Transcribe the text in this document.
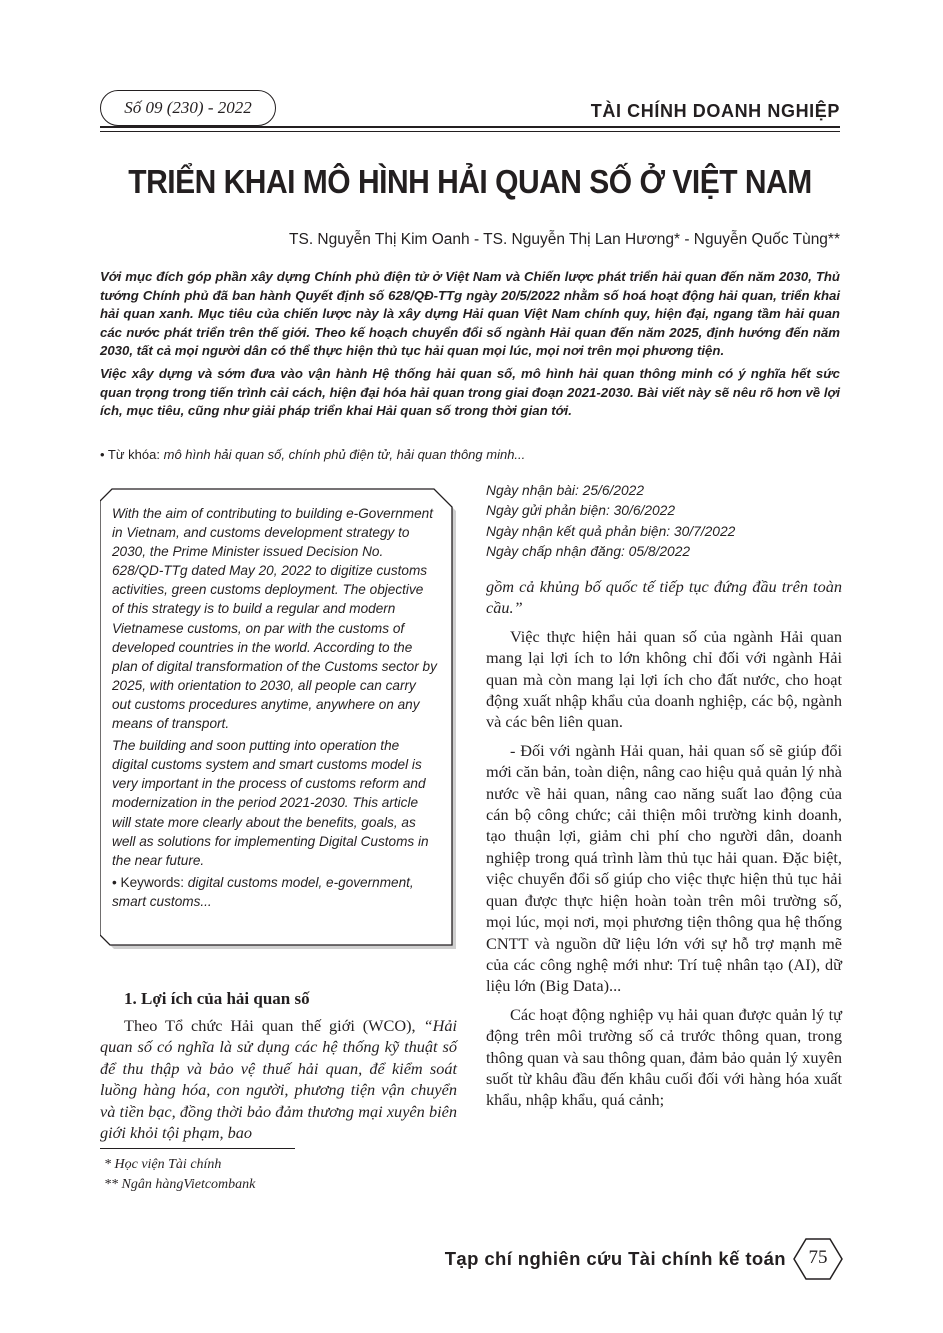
Số 09 (230) - 2022	TÀI CHÍNH DOANH NGHIỆP
TRIỂN KHAI MÔ HÌNH HẢI QUAN SỐ Ở VIỆT NAM
TS. Nguyễn Thị Kim Oanh - TS. Nguyễn Thị Lan Hương* - Nguyễn Quốc Tùng**

Với mục đích góp phần xây dựng Chính phủ điện tử ở Việt Nam và Chiến lược phát triển hải quan đến năm 2030, Thủ tướng Chính phủ đã ban hành Quyết định số 628/QĐ-TTg ngày 20/5/2022 nhằm số hoá hoạt động hải quan, triển khai hải quan xanh. Mục tiêu của chiến lược này là xây dựng Hải quan Việt Nam chính quy, hiện đại, ngang tầm hải quan các nước phát triển trên thế giới. Theo kế hoạch chuyển đổi số ngành Hải quan đến năm 2025, định hướng đến năm 2030, tất cả mọi người dân có thể thực hiện thủ tục hải quan mọi lúc, mọi nơi trên mọi phương tiện.

Việc xây dựng và sớm đưa vào vận hành Hệ thống hải quan số, mô hình hải quan thông minh có ý nghĩa hết sức quan trọng trong tiến trình cải cách, hiện đại hóa hải quan trong giai đoạn 2021-2030. Bài viết này sẽ nêu rõ hơn về lợi ích, mục tiêu, cũng như giải pháp triển khai Hải quan số trong thời gian tới.

• Từ khóa: mô hình hải quan số, chính phủ điện tử, hải quan thông minh...

With the aim of contributing to building e-Government in Vietnam, and customs development strategy to 2030, the Prime Minister issued Decision No. 628/QD-TTg dated May 20, 2022 to digitize customs activities, green customs deployment. The objective of this strategy is to build a regular and modern Vietnamese customs, on par with the customs of developed countries in the world. According to the plan of digital transformation of the Customs sector by 2025, with orientation to 2030, all people can carry out customs procedures anytime, anywhere on any means of transport.

The building and soon putting into operation the digital customs system and smart customs model is very important in the process of customs reform and modernization in the period 2021-2030. This article will state more clearly about the benefits, goals, as well as solutions for implementing Digital Customs in the near future.

• Keywords: digital customs model, e-government, smart customs...

1. Lợi ích của hải quan số
Theo Tổ chức Hải quan thế giới (WCO), “Hải quan số có nghĩa là sử dụng các hệ thống kỹ thuật số để thu thập và bảo vệ thuế hải quan, để kiểm soát luồng hàng hóa, con người, phương tiện vận chuyển và tiền bạc, đồng thời bảo đảm thương mại xuyên biên giới khỏi tội phạm, bao
* Học viện Tài chính
** Ngân hàngVietcombank
Ngày nhận bài: 25/6/2022
Ngày gửi phản biện: 30/6/2022
Ngày nhận kết quả phản biện: 30/7/2022
Ngày chấp nhận đăng: 05/8/2022

gồm cả khủng bố quốc tế tiếp tục đứng đầu trên toàn cầu.”

Việc thực hiện hải quan số của ngành Hải quan mang lại lợi ích to lớn không chỉ đối với ngành Hải quan mà còn mang lại lợi ích cho đất nước, cho hoạt động xuất nhập khẩu của doanh nghiệp, các bộ, ngành và các bên liên quan.

- Đối với ngành Hải quan, hải quan số sẽ giúp đổi mới căn bản, toàn diện, nâng cao hiệu quả quản lý nhà nước về hải quan, nâng cao năng suất lao động của cán bộ công chức; cải thiện môi trường kinh doanh, tạo thuận lợi, giảm chi phí cho người dân, doanh nghiệp trong quá trình làm thủ tục hải quan. Đặc biệt, việc chuyển đổi số giúp cho việc thực hiện thủ tục hải quan được thực hiện hoàn toàn trên môi trường số, mọi lúc, mọi nơi, mọi phương tiện thông qua hệ thống CNTT và nguồn dữ liệu lớn với sự hỗ trợ mạnh mẽ của các công nghệ mới như: Trí tuệ nhân tạo (AI), dữ liệu lớn (Big Data)...

Các hoạt động nghiệp vụ hải quan được quản lý tự động trên môi trường số cả trước thông quan, trong thông quan và sau thông quan, đảm bảo quản lý xuyên suốt từ khâu đầu đến khâu cuối đối với hàng hóa xuất khẩu, nhập khẩu, quá cảnh;

Tạp chí nghiên cứu Tài chính kế toán	75
